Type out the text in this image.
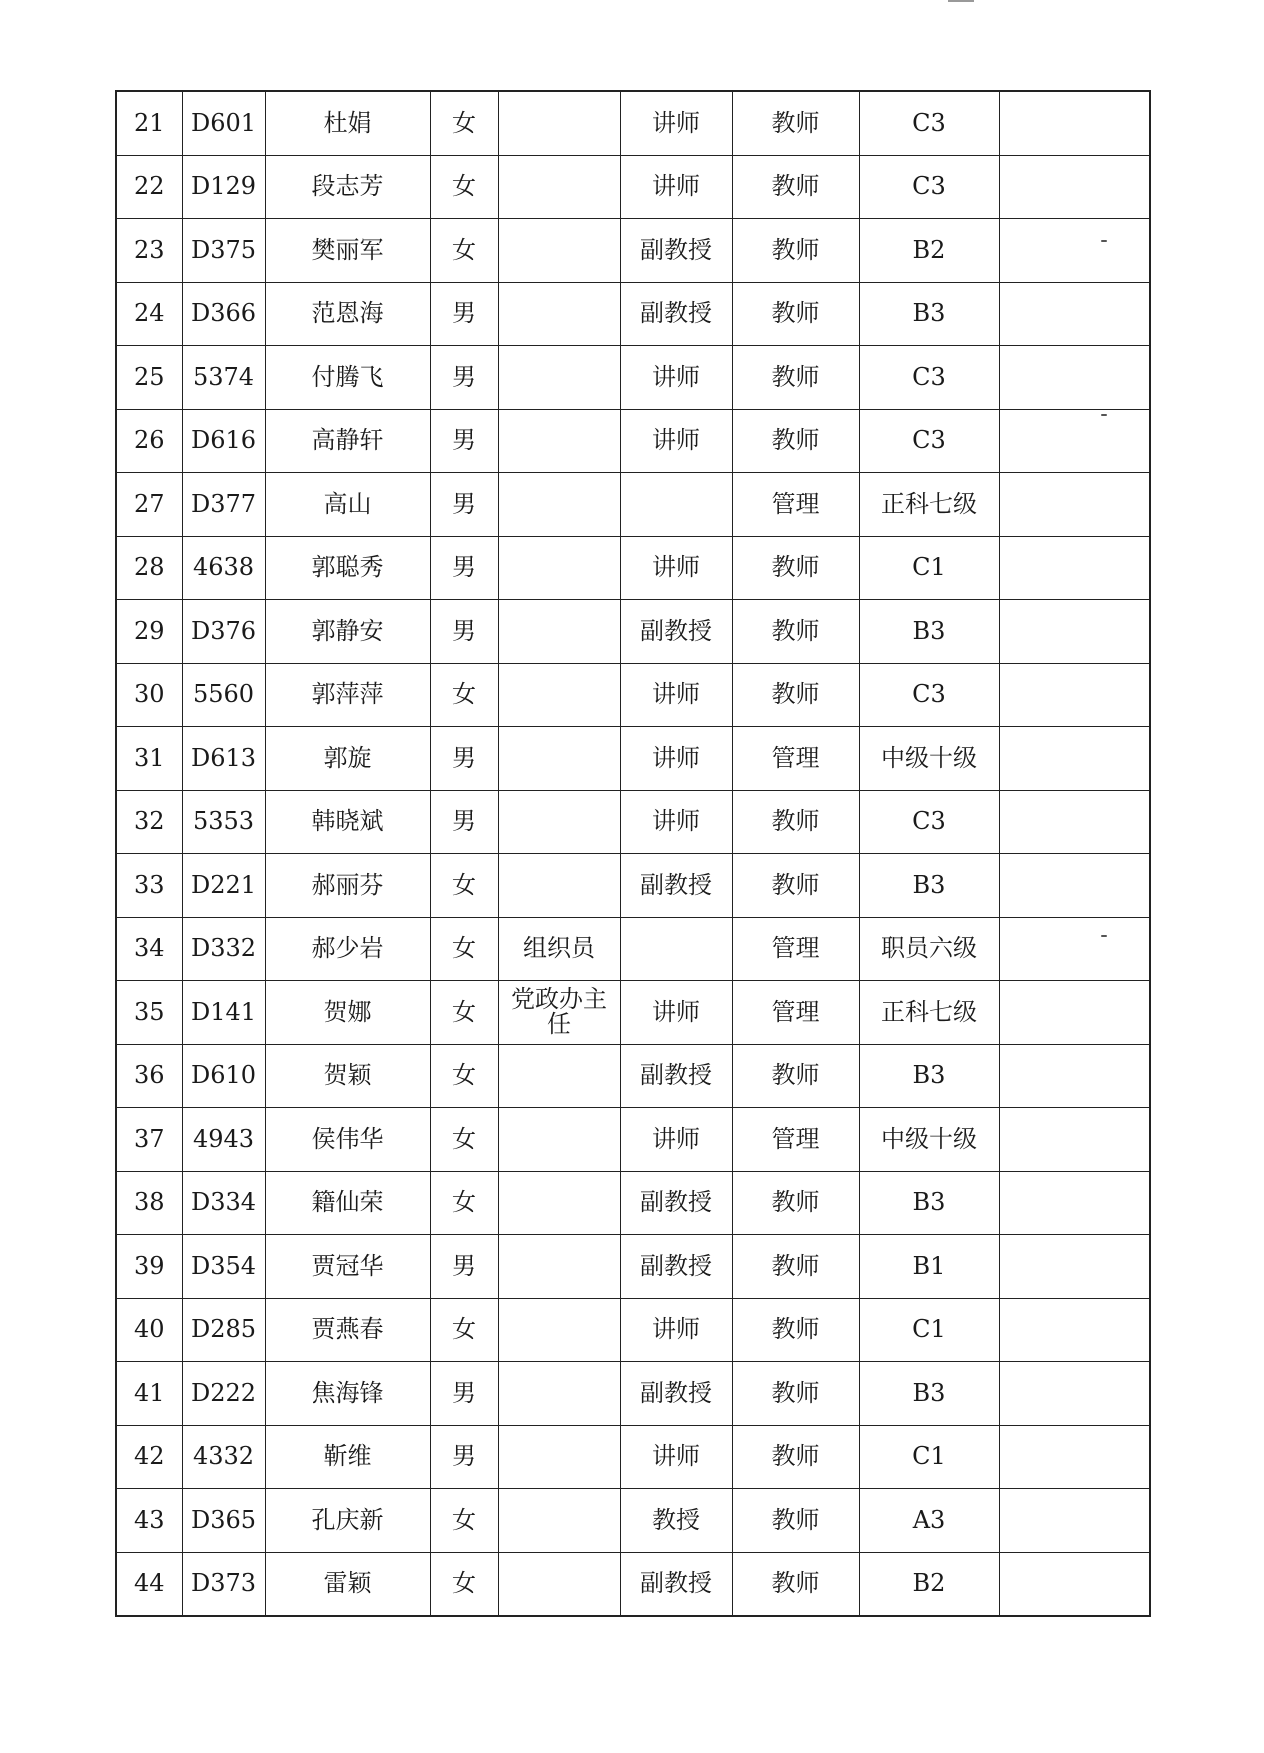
21	D601	杜娟	女		讲师	教师	C3	
22	D129	段志芳	女		讲师	教师	C3	
23	D375	樊丽军	女		副教授	教师	B2	
24	D366	范恩海	男		副教授	教师	B3	
25	5374	付腾飞	男		讲师	教师	C3	
26	D616	高静轩	男		讲师	教师	C3	
27	D377	高山	男			管理	正科七级	
28	4638	郭聪秀	男		讲师	教师	C1	
29	D376	郭静安	男		副教授	教师	B3	
30	5560	郭萍萍	女		讲师	教师	C3	
31	D613	郭旋	男		讲师	管理	中级十级	
32	5353	韩晓斌	男		讲师	教师	C3	
33	D221	郝丽芬	女		副教授	教师	B3	
34	D332	郝少岩	女	组织员		管理	职员六级	
35	D141	贺娜	女	党政办主任	讲师	管理	正科七级	
36	D610	贺颖	女		副教授	教师	B3	
37	4943	侯伟华	女		讲师	管理	中级十级	
38	D334	籍仙荣	女		副教授	教师	B3	
39	D354	贾冠华	男		副教授	教师	B1	
40	D285	贾燕春	女		讲师	教师	C1	
41	D222	焦海锋	男		副教授	教师	B3	
42	4332	靳维	男		讲师	教师	C1	
43	D365	孔庆新	女		教授	教师	A3	
44	D373	雷颖	女		副教授	教师	B2	
